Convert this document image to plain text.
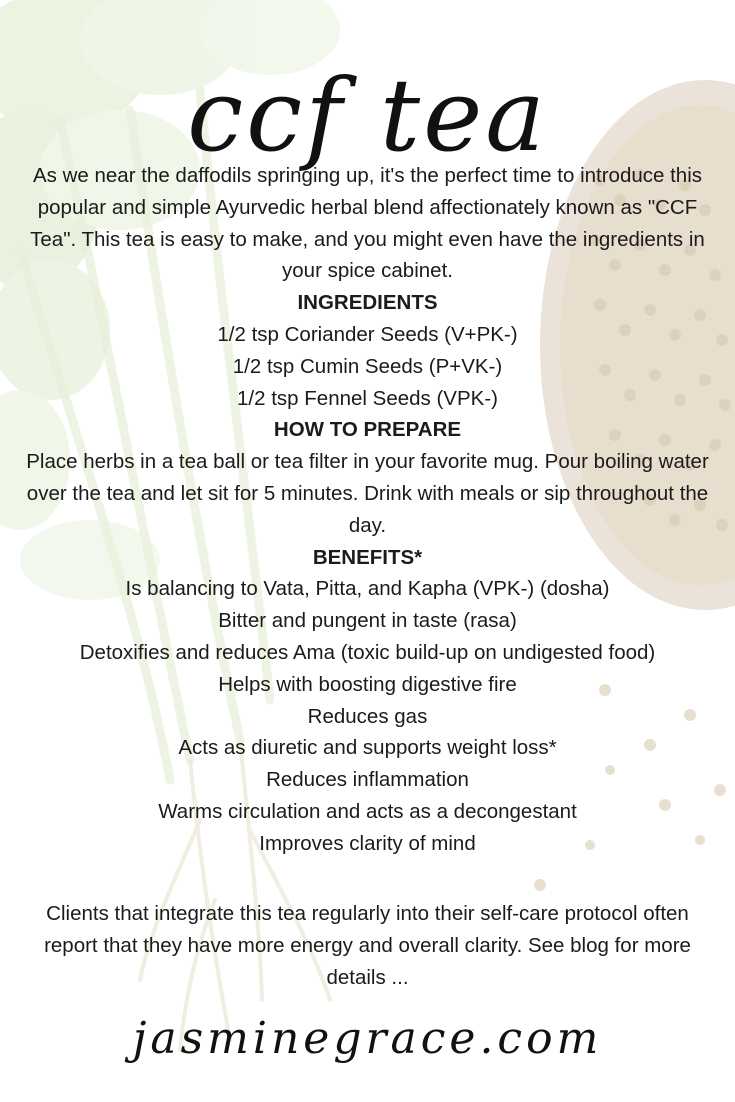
ccf tea
As we near the daffodils springing up, it's the perfect time to introduce this popular and simple Ayurvedic herbal blend affectionately known as "CCF Tea". This tea is easy to make, and you might even have the ingredients in your spice cabinet.
INGREDIENTS
1/2 tsp Coriander Seeds (V+PK-)
1/2 tsp Cumin Seeds (P+VK-)
1/2 tsp Fennel Seeds (VPK-)
HOW TO PREPARE
Place herbs in a tea ball or tea filter in your favorite mug. Pour boiling water over the tea and let sit for 5 minutes. Drink with meals or sip throughout the day.
BENEFITS*
Is balancing to Vata, Pitta, and Kapha (VPK-) (dosha)
Bitter and pungent in taste (rasa)
Detoxifies and reduces Ama (toxic build-up on undigested food)
Helps with boosting digestive fire
Reduces gas
Acts as diuretic and supports weight loss*
Reduces inflammation
Warms circulation and acts as a decongestant
Improves clarity of mind
Clients that integrate this tea regularly into their self-care protocol often report that they have more energy and overall clarity. See blog for more details ...
jasminegrace.com
